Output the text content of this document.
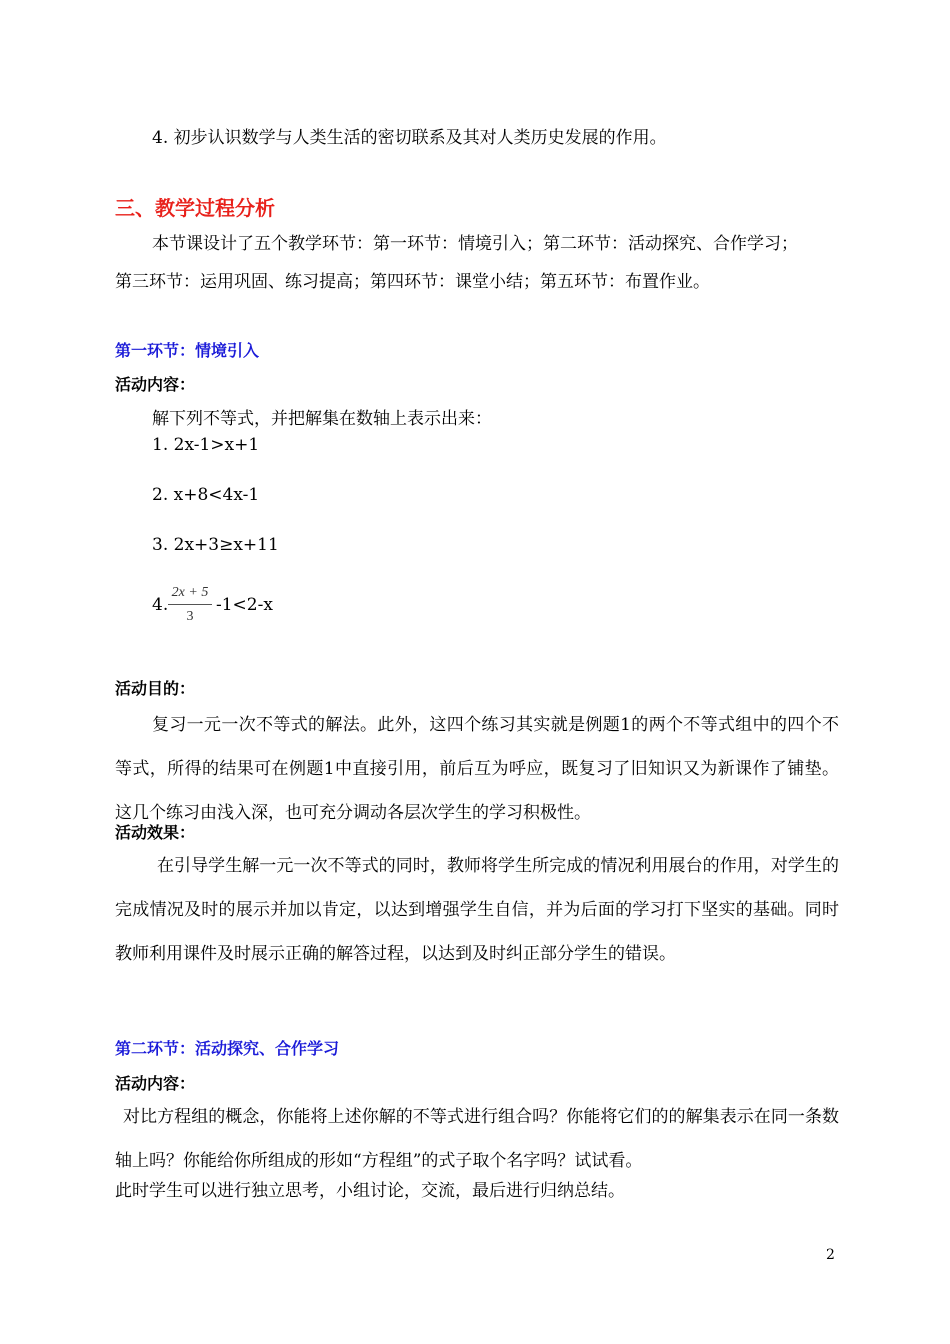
4. 初步认识数学与人类生活的密切联系及其对人类历史发展的作用。
三、教学过程分析
本节课设计了五个教学环节：第一环节：情境引入；第二环节：活动探究、合作学习；
第三环节：运用巩固、练习提高；第四环节：课堂小结；第五环节：布置作业。
第一环节：情境引入
活动内容：
解下列不等式，并把解集在数轴上表示出来：
1. 2x-1>x+1
2. x+8<4x-1
3. 2x+3≥x+11
4.
2x + 5
3
-1<2-x
活动目的：
复习一元一次不等式的解法。此外，这四个练习其实就是例题1的两个不等式组中的四个不等式，所得的结果可在例题1中直接引用，前后互为呼应，既复习了旧知识又为新课作了铺垫。这几个练习由浅入深，也可充分调动各层次学生的学习积极性。
活动效果：
在引导学生解一元一次不等式的同时，教师将学生所完成的情况利用展台的作用，对学生的完成情况及时的展示并加以肯定，以达到增强学生自信，并为后面的学习打下坚实的基础。同时教师利用课件及时展示正确的解答过程，以达到及时纠正部分学生的错误。
第二环节：活动探究、合作学习
活动内容：
对比方程组的概念，你能将上述你解的不等式进行组合吗？你能将它们的的解集表示在同一条数轴上吗？你能给你所组成的形如“方程组”的式子取个名字吗？试试看。
此时学生可以进行独立思考，小组讨论，交流，最后进行归纳总结。
2
